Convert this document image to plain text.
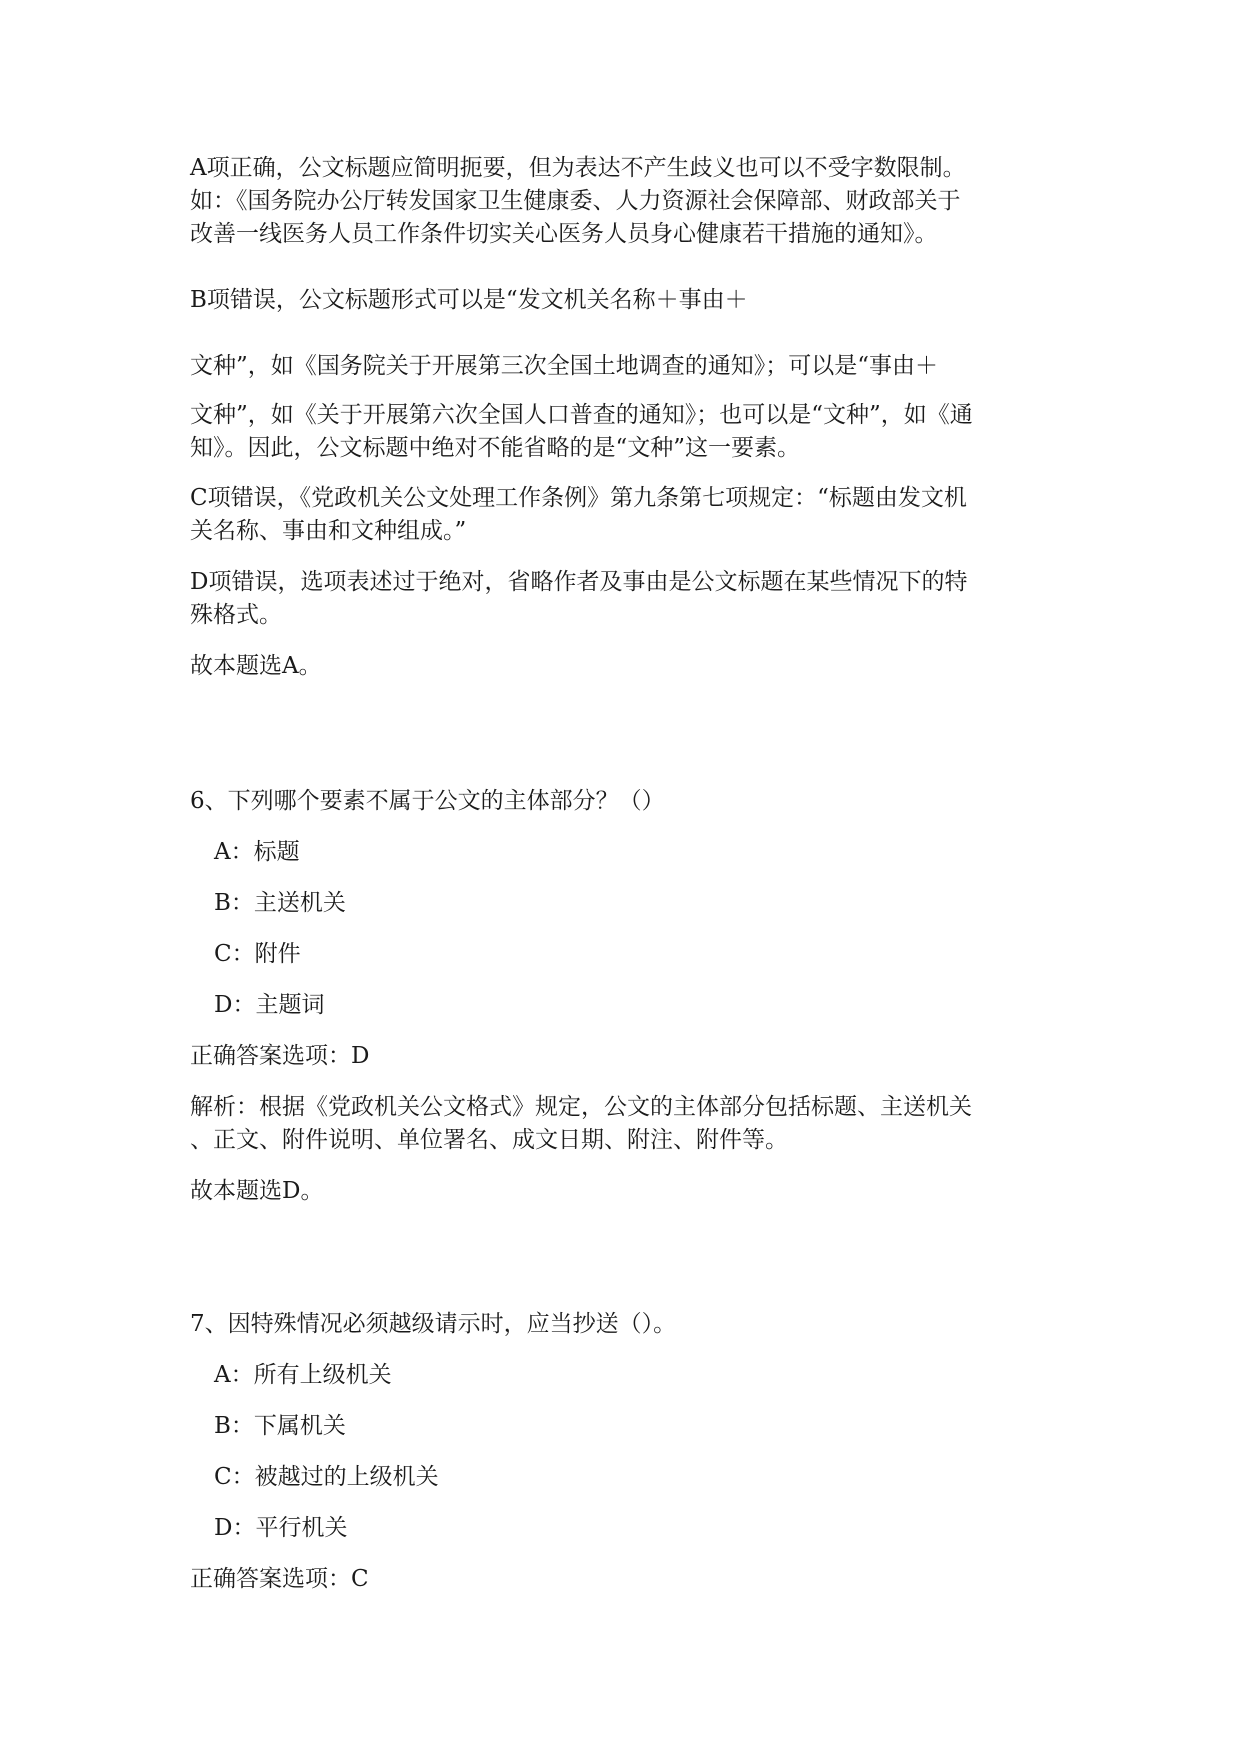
A项正确，公文标题应简明扼要，但为表达不产生歧义也可以不受字数限制。
如：《国务院办公厅转发国家卫生健康委、人力资源社会保障部、财政部关于
改善一线医务人员工作条件切实关心医务人员身心健康若干措施的通知》。
B项错误，公文标题形式可以是“发文机关名称＋事由＋
文种”，如《国务院关于开展第三次全国土地调查的通知》；可以是“事由＋
文种”，如《关于开展第六次全国人口普查的通知》；也可以是“文种”，如《通
知》。因此，公文标题中绝对不能省略的是“文种”这一要素。
C项错误，《党政机关公文处理工作条例》第九条第七项规定：“标题由发文机
关名称、事由和文种组成。”
D项错误，选项表述过于绝对，省略作者及事由是公文标题在某些情况下的特
殊格式。
故本题选A。
6、下列哪个要素不属于公文的主体部分？（）
A：标题
B：主送机关
C：附件
D：主题词
正确答案选项：D
解析：根据《党政机关公文格式》规定，公文的主体部分包括标题、主送机关
、正文、附件说明、单位署名、成文日期、附注、附件等。
故本题选D。
7、因特殊情况必须越级请示时，应当抄送（）。
A：所有上级机关
B：下属机关
C：被越过的上级机关
D：平行机关
正确答案选项：C
